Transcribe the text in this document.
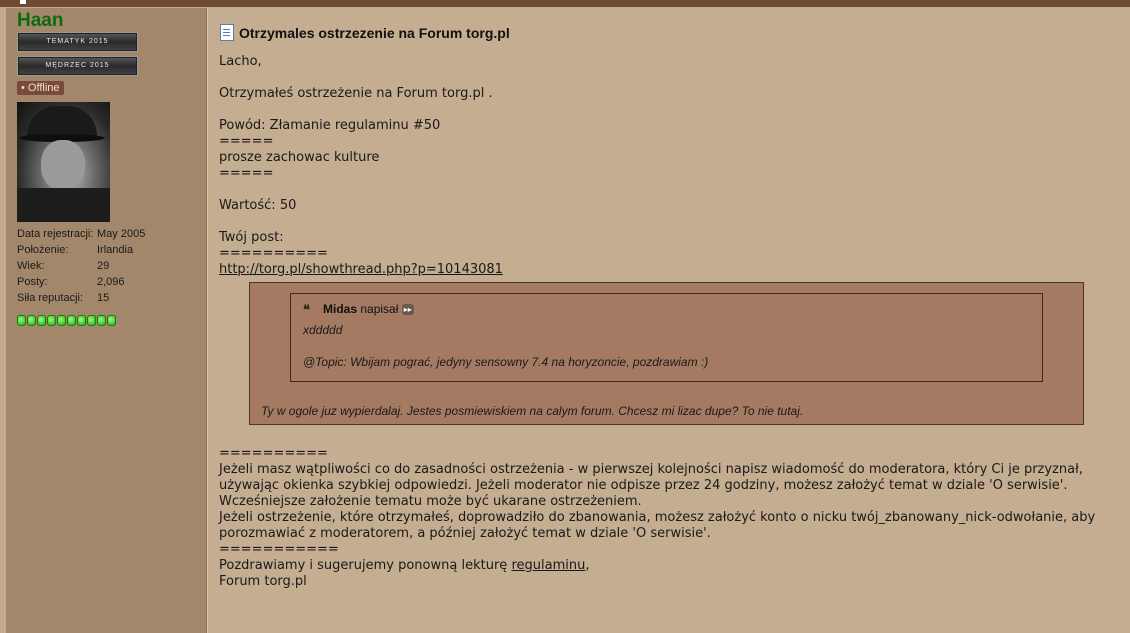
Haan
TEMATYK 2015
MĘDRZEC 2015
• Offline
Data rejestracji: May 2005
Położenie:	Irlandia
Wiek:	29
Posty:	2,096
Siła reputacji: 15
Otrzymales ostrzezenie na Forum torg.pl
Lacho,
Otrzymałeś ostrzeżenie na Forum torg.pl .
Powód: Złamanie regulaminu #50
=====
prosze zachowac kulture
=====
Wartość: 50
Twój post:
==========
http://torg.pl/showthread.php?p=10143081
❝ Midas napisał ▸▸
xddddd
@Topic: Wbijam pograć, jedyny sensowny 7.4 na horyzoncie, pozdrawiam :)
Ty w ogole juz wypierdalaj. Jestes posmiewiskiem na calym forum. Chcesz mi lizac dupe? To nie tutaj.
==========
Jeżeli masz wątpliwości co do zasadności ostrzeżenia - w pierwszej kolejności napisz wiadomość do moderatora, który Ci je przyznał,
używając okienka szybkiej odpowiedzi. Jeżeli moderator nie odpisze przez 24 godziny, możesz założyć temat w dziale 'O serwisie'.
Wcześniejsze założenie tematu może być ukarane ostrzeżeniem.
Jeżeli ostrzeżenie, które otrzymałeś, doprowadziło do zbanowania, możesz założyć konto o nicku twój_zbanowany_nick-odwołanie, aby
porozmawiać z moderatorem, a później założyć temat w dziale 'O serwisie'.
===========
Pozdrawiamy i sugerujemy ponowną lekturę regulaminu,
Forum torg.pl
